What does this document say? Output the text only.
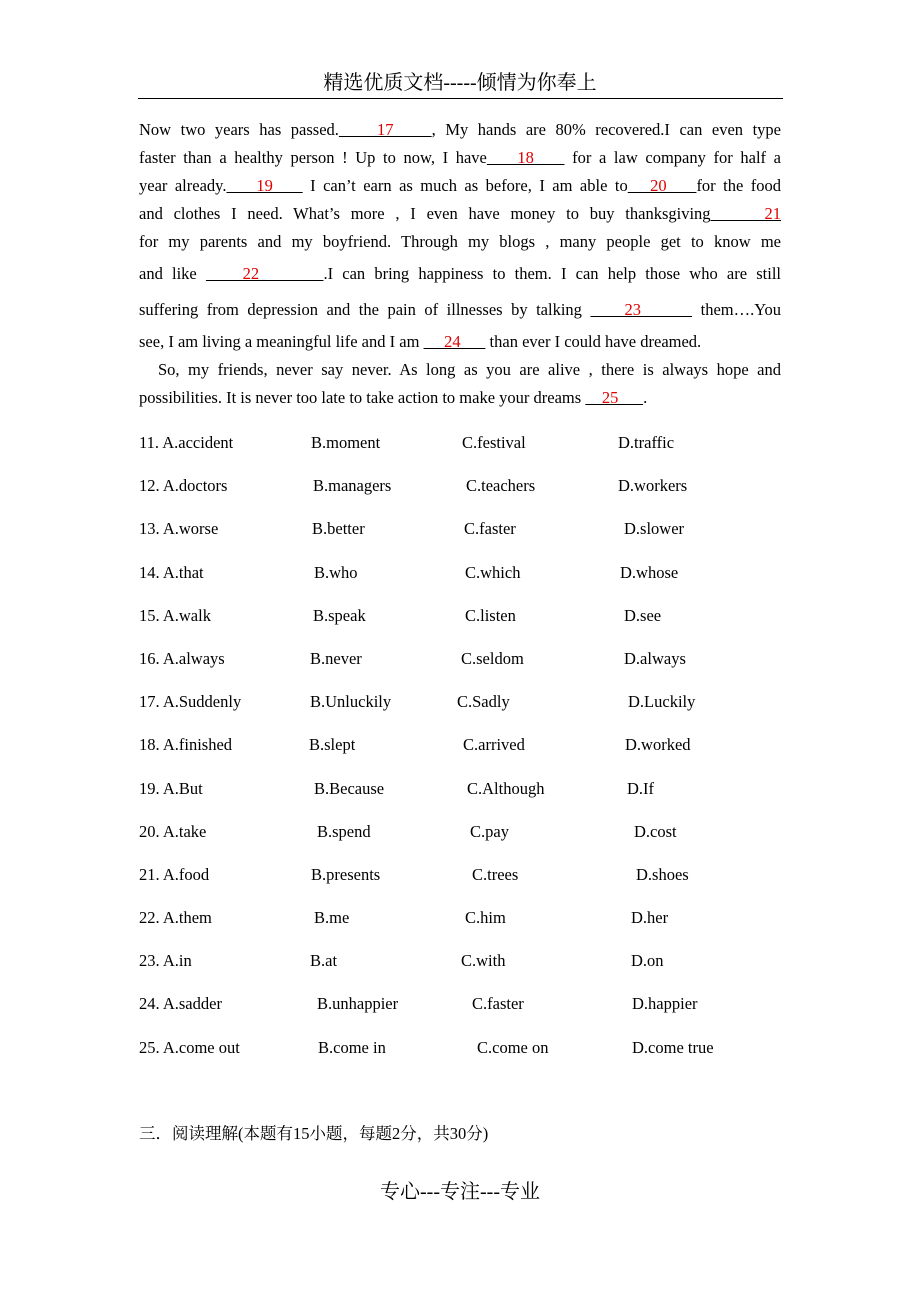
精选优质文档-----倾情为你奉上
Now two years has passed.    17    , My hands are 80% recovered.I can even type
faster than a healthy person ! Up to now, I have    18     for a law company for half a
year already.    19     I can’t earn as much as before, I am able to   20    for the food
and clothes I need. What’s more , I even have money to buy thanksgiving     21
for my parents and my boyfriend. Through my blogs , many people get to know me
and like     22       .I can bring happiness to them. I can help those who are still
suffering from depression and the pain of illnesses by talking     23       them….You
see, I am living a meaningful life and I am      24       than ever I could have dreamed.
So, my friends, never say never. As long as you are alive , there is always hope and
possibilities. It is never too late to take action to make your dreams     25      .
11. A.accident	B.moment	C.festival	D.traffic
12. A.doctors	B.managers	C.teachers	D.workers
13. A.worse	B.better	C.faster	D.slower
14. A.that	B.who	C.which	D.whose
15. A.walk	B.speak	C.listen	D.see
16. A.always	B.never	C.seldom	D.always
17. A.Suddenly	B.Unluckily	C.Sadly	D.Luckily
18. A.finished	B.slept	C.arrived	D.worked
19. A.But	B.Because	C.Although	D.If
20. A.take	B.spend	C.pay	D.cost
21. A.food	B.presents	C.trees	D.shoes
22. A.them	B.me	C.him	D.her
23. A.in	B.at	C.with	D.on
24. A.sadder	B.unhappier	C.faster	D.happier
25. A.come out	B.come in	C.come on	D.come true
三．阅读理解(本题有15小题，每题2分，共30分)
专心---专注---专业
